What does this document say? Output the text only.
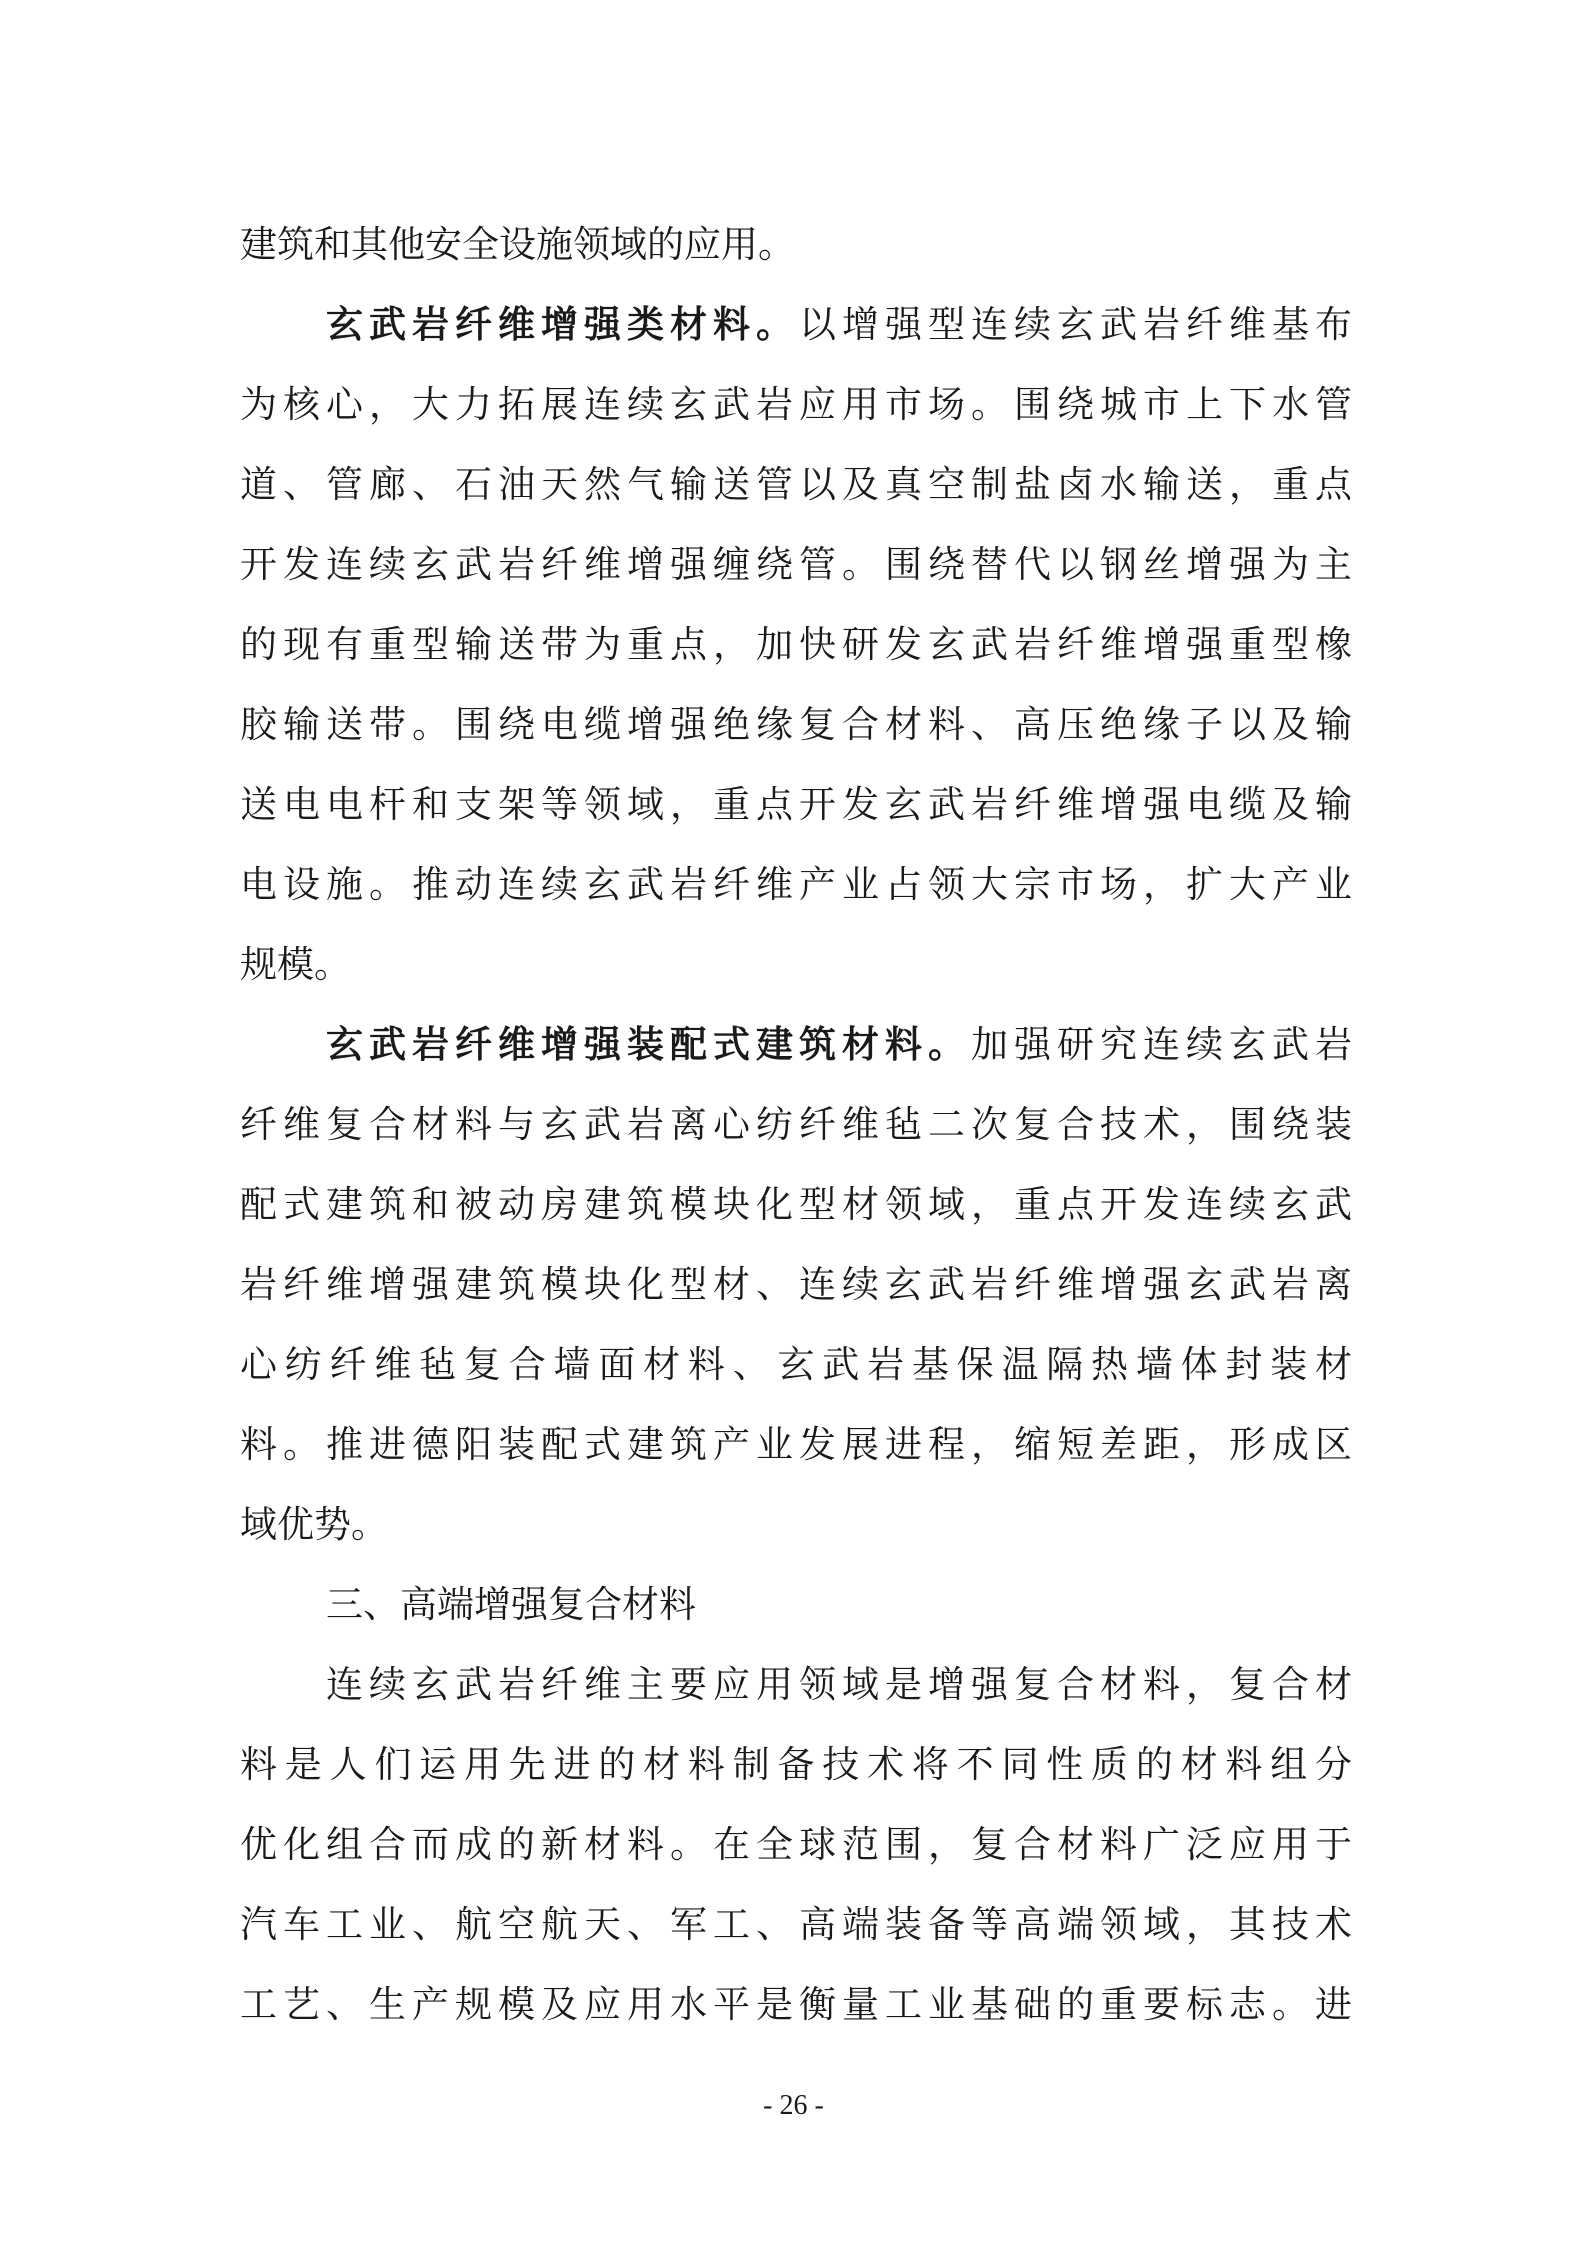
建筑和其他安全设施领域的应用。
玄武岩纤维增强类材料。以增强型连续玄武岩纤维基布
为核心，大力拓展连续玄武岩应用市场。围绕城市上下水管
道、管廊、石油天然气输送管以及真空制盐卤水输送，重点
开发连续玄武岩纤维增强缠绕管。围绕替代以钢丝增强为主
的现有重型输送带为重点，加快研发玄武岩纤维增强重型橡
胶输送带。围绕电缆增强绝缘复合材料、高压绝缘子以及输
送电电杆和支架等领域，重点开发玄武岩纤维增强电缆及输
电设施。推动连续玄武岩纤维产业占领大宗市场，扩大产业
规模。
玄武岩纤维增强装配式建筑材料。加强研究连续玄武岩
纤维复合材料与玄武岩离心纺纤维毡二次复合技术，围绕装
配式建筑和被动房建筑模块化型材领域，重点开发连续玄武
岩纤维增强建筑模块化型材、连续玄武岩纤维增强玄武岩离
心纺纤维毡复合墙面材料、玄武岩基保温隔热墙体封装材
料。推进德阳装配式建筑产业发展进程，缩短差距，形成区
域优势。
三、高端增强复合材料
连续玄武岩纤维主要应用领域是增强复合材料，复合材
料是人们运用先进的材料制备技术将不同性质的材料组分
优化组合而成的新材料。在全球范围，复合材料广泛应用于
汽车工业、航空航天、军工、高端装备等高端领域，其技术
工艺、生产规模及应用水平是衡量工业基础的重要标志。进
- 26 -
